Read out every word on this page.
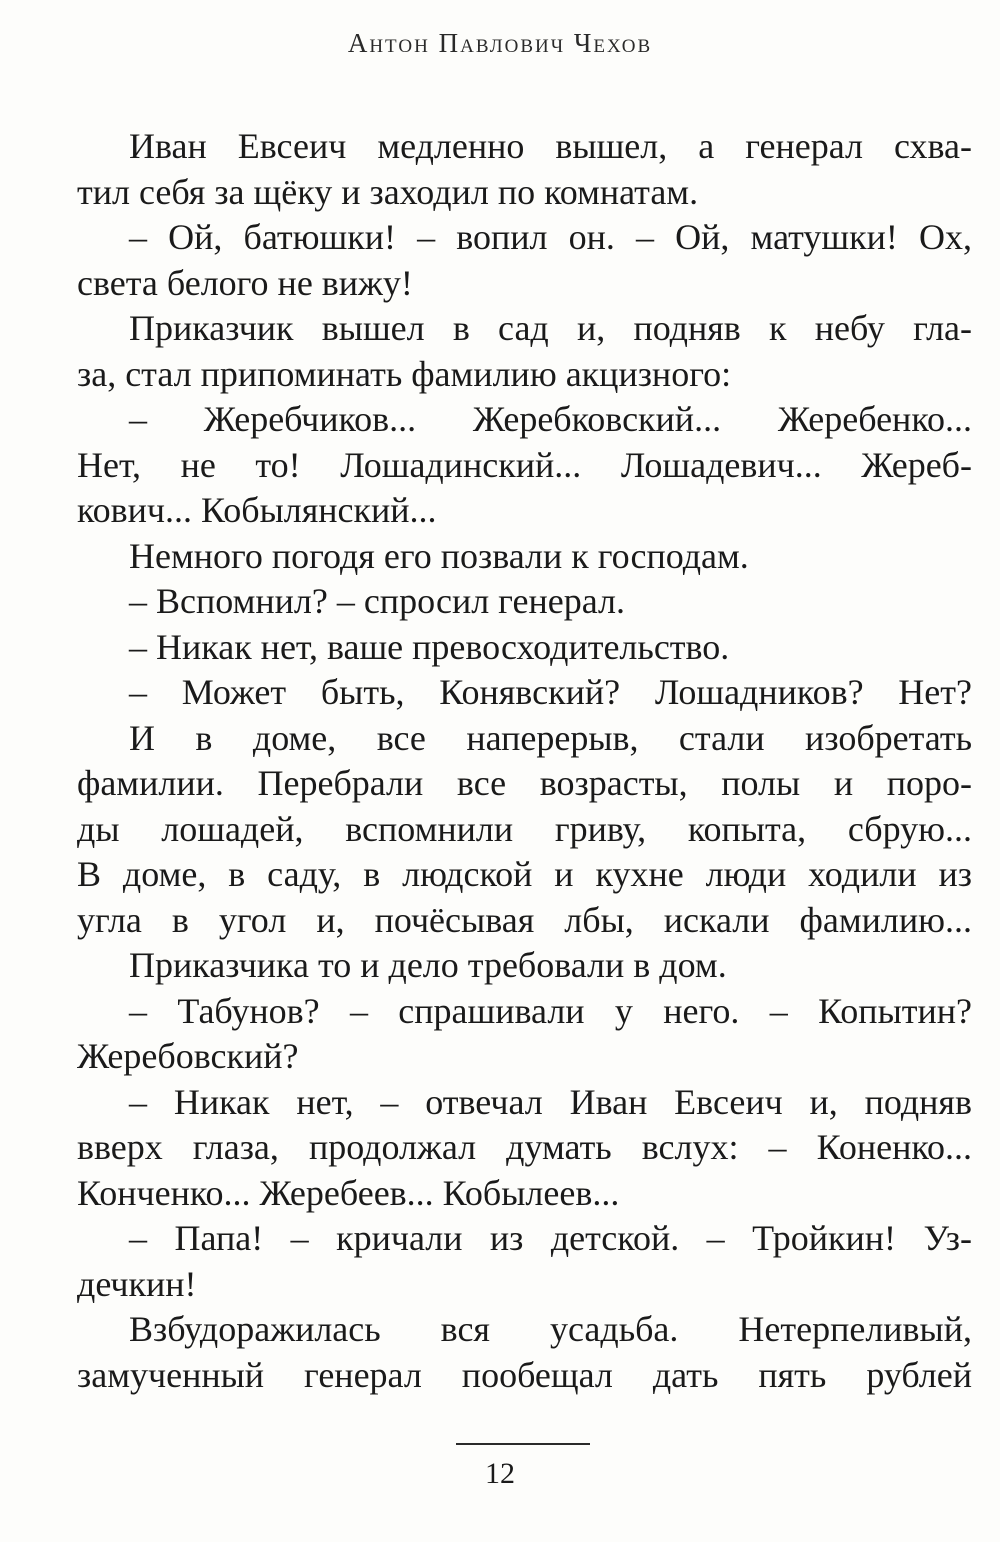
Антон Павлович Чехов
Иван Евсеич медленно вышел, а генерал схва-
тил себя за щёку и заходил по комнатам.
– Ой, батюшки! – вопил он. – Ой, матушки! Ох,
света белого не вижу!
Приказчик вышел в сад и, подняв к небу гла-
за, стал припоминать фамилию акцизного:
– Жеребчиков... Жеребковский... Жеребенко...
Нет, не то! Лошадинский... Лошадевич... Жереб-
кович... Кобылянский...
Немного погодя его позвали к господам.
– Вспомнил? – спросил генерал.
– Никак нет, ваше превосходительство.
– Может быть, Конявский? Лошадников? Нет?
И в доме, все наперерыв, стали изобретать
фамилии. Перебрали все возрасты, полы и поро-
ды лошадей, вспомнили гриву, копыта, сбрую...
В доме, в саду, в людской и кухне люди ходили из
угла в угол и, почёсывая лбы, искали фамилию...
Приказчика то и дело требовали в дом.
– Табунов? – спрашивали у него. – Копытин?
Жеребовский?
– Никак нет, – отвечал Иван Евсеич и, подняв
вверх глаза, продолжал думать вслух: – Коненко...
Конченко... Жеребеев... Кобылеев...
– Папа! – кричали из детской. – Тройкин! Уз-
дечкин!
Взбудоражилась вся усадьба. Нетерпеливый,
замученный генерал пообещал дать пять рублей
12
